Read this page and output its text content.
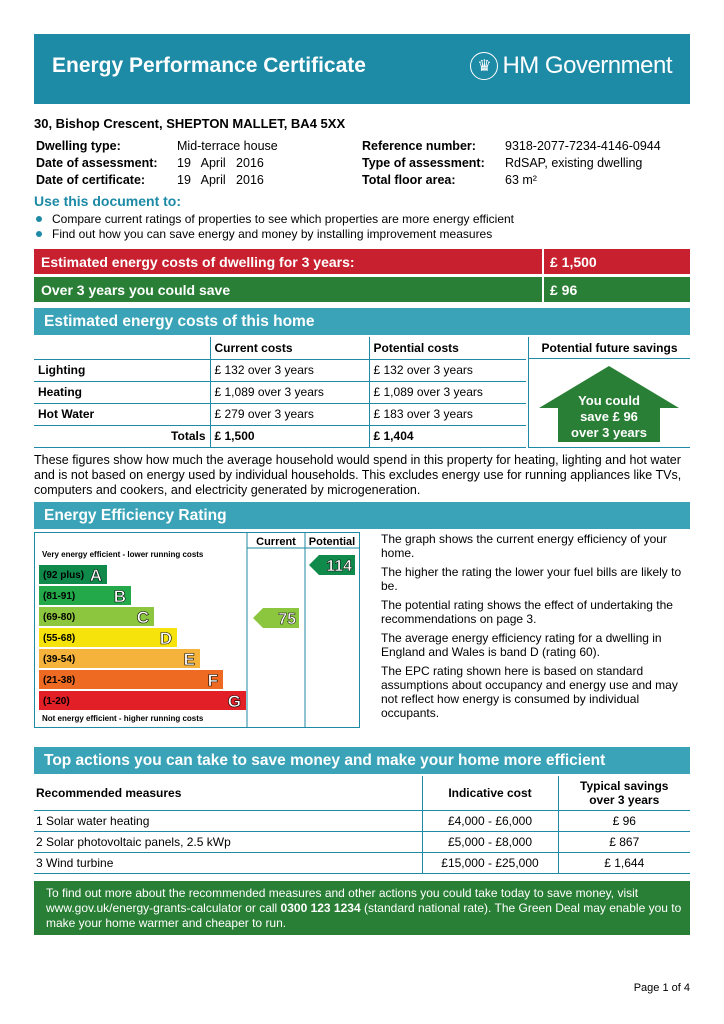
Energy Performance Certificate	♛ HM Government
30, Bishop Crescent, SHEPTON MALLET, BA4 5XX
Dwelling type:	Mid-terrace house
Date of assessment: 19   April   2016
Date of certificate:	19   April   2016
Reference number: 9318-2077-7234-4146-0944
Type of assessment: RdSAP, existing dwelling
Total floor area:	63 m²
Use this document to:
Compare current ratings of properties to see which properties are more energy efficient
Find out how you can save energy and money by installing improvement measures
Estimated energy costs of dwelling for 3 years:	£ 1,500
Over 3 years you could save	£ 96
Estimated energy costs of this home
	Current costs	Potential costs
Lighting	£ 132 over 3 years	£ 132 over 3 years
Heating	£ 1,089 over 3 years	£ 1,089 over 3 years
Hot Water	£ 279 over 3 years	£ 183 over 3 years
Totals	£ 1,500	£ 1,404
Potential future savings
You could
save £ 96
over 3 years
These figures show how much the average household would spend in this property for heating, lighting and hot water and is not based on energy used by individual households. This excludes energy use for running appliances like TVs, computers and cookers, and electricity generated by microgeneration.
Energy Efficiency Rating
Current Potential
Very energy efficient - lower running costs
Not energy efficient - higher running costs
(92 plus) A
(81-91) B
(69-80)	C
(55-68)	D
(39-54)	E
(21-38)	F
(1-20)	G
75
114

The graph shows the current energy efficiency of your home.

The higher the rating the lower your fuel bills are likely to be.

The potential rating shows the effect of undertaking the recommendations on page 3.

The average energy efficiency rating for a dwelling in England and Wales is band D (rating 60).

The EPC rating shown here is based on standard assumptions about occupancy and energy use and may not reflect how energy is consumed by individual occupants.

Top actions you can take to save money and make your home more efficient
Recommended measures	Indicative cost	Typical savings over 3 years
1 Solar water heating	£4,000 - £6,000	£ 96
2 Solar photovoltaic panels, 2.5 kWp	£5,000 - £8,000	£ 867
3 Wind turbine	£15,000 - £25,000	£ 1,644
To find out more about the recommended measures and other actions you could take today to save money, visit
www.gov.uk/energy-grants-calculator or call 0300 123 1234 (standard national rate). The Green Deal may enable you to
make your home warmer and cheaper to run.
Page 1 of 4
